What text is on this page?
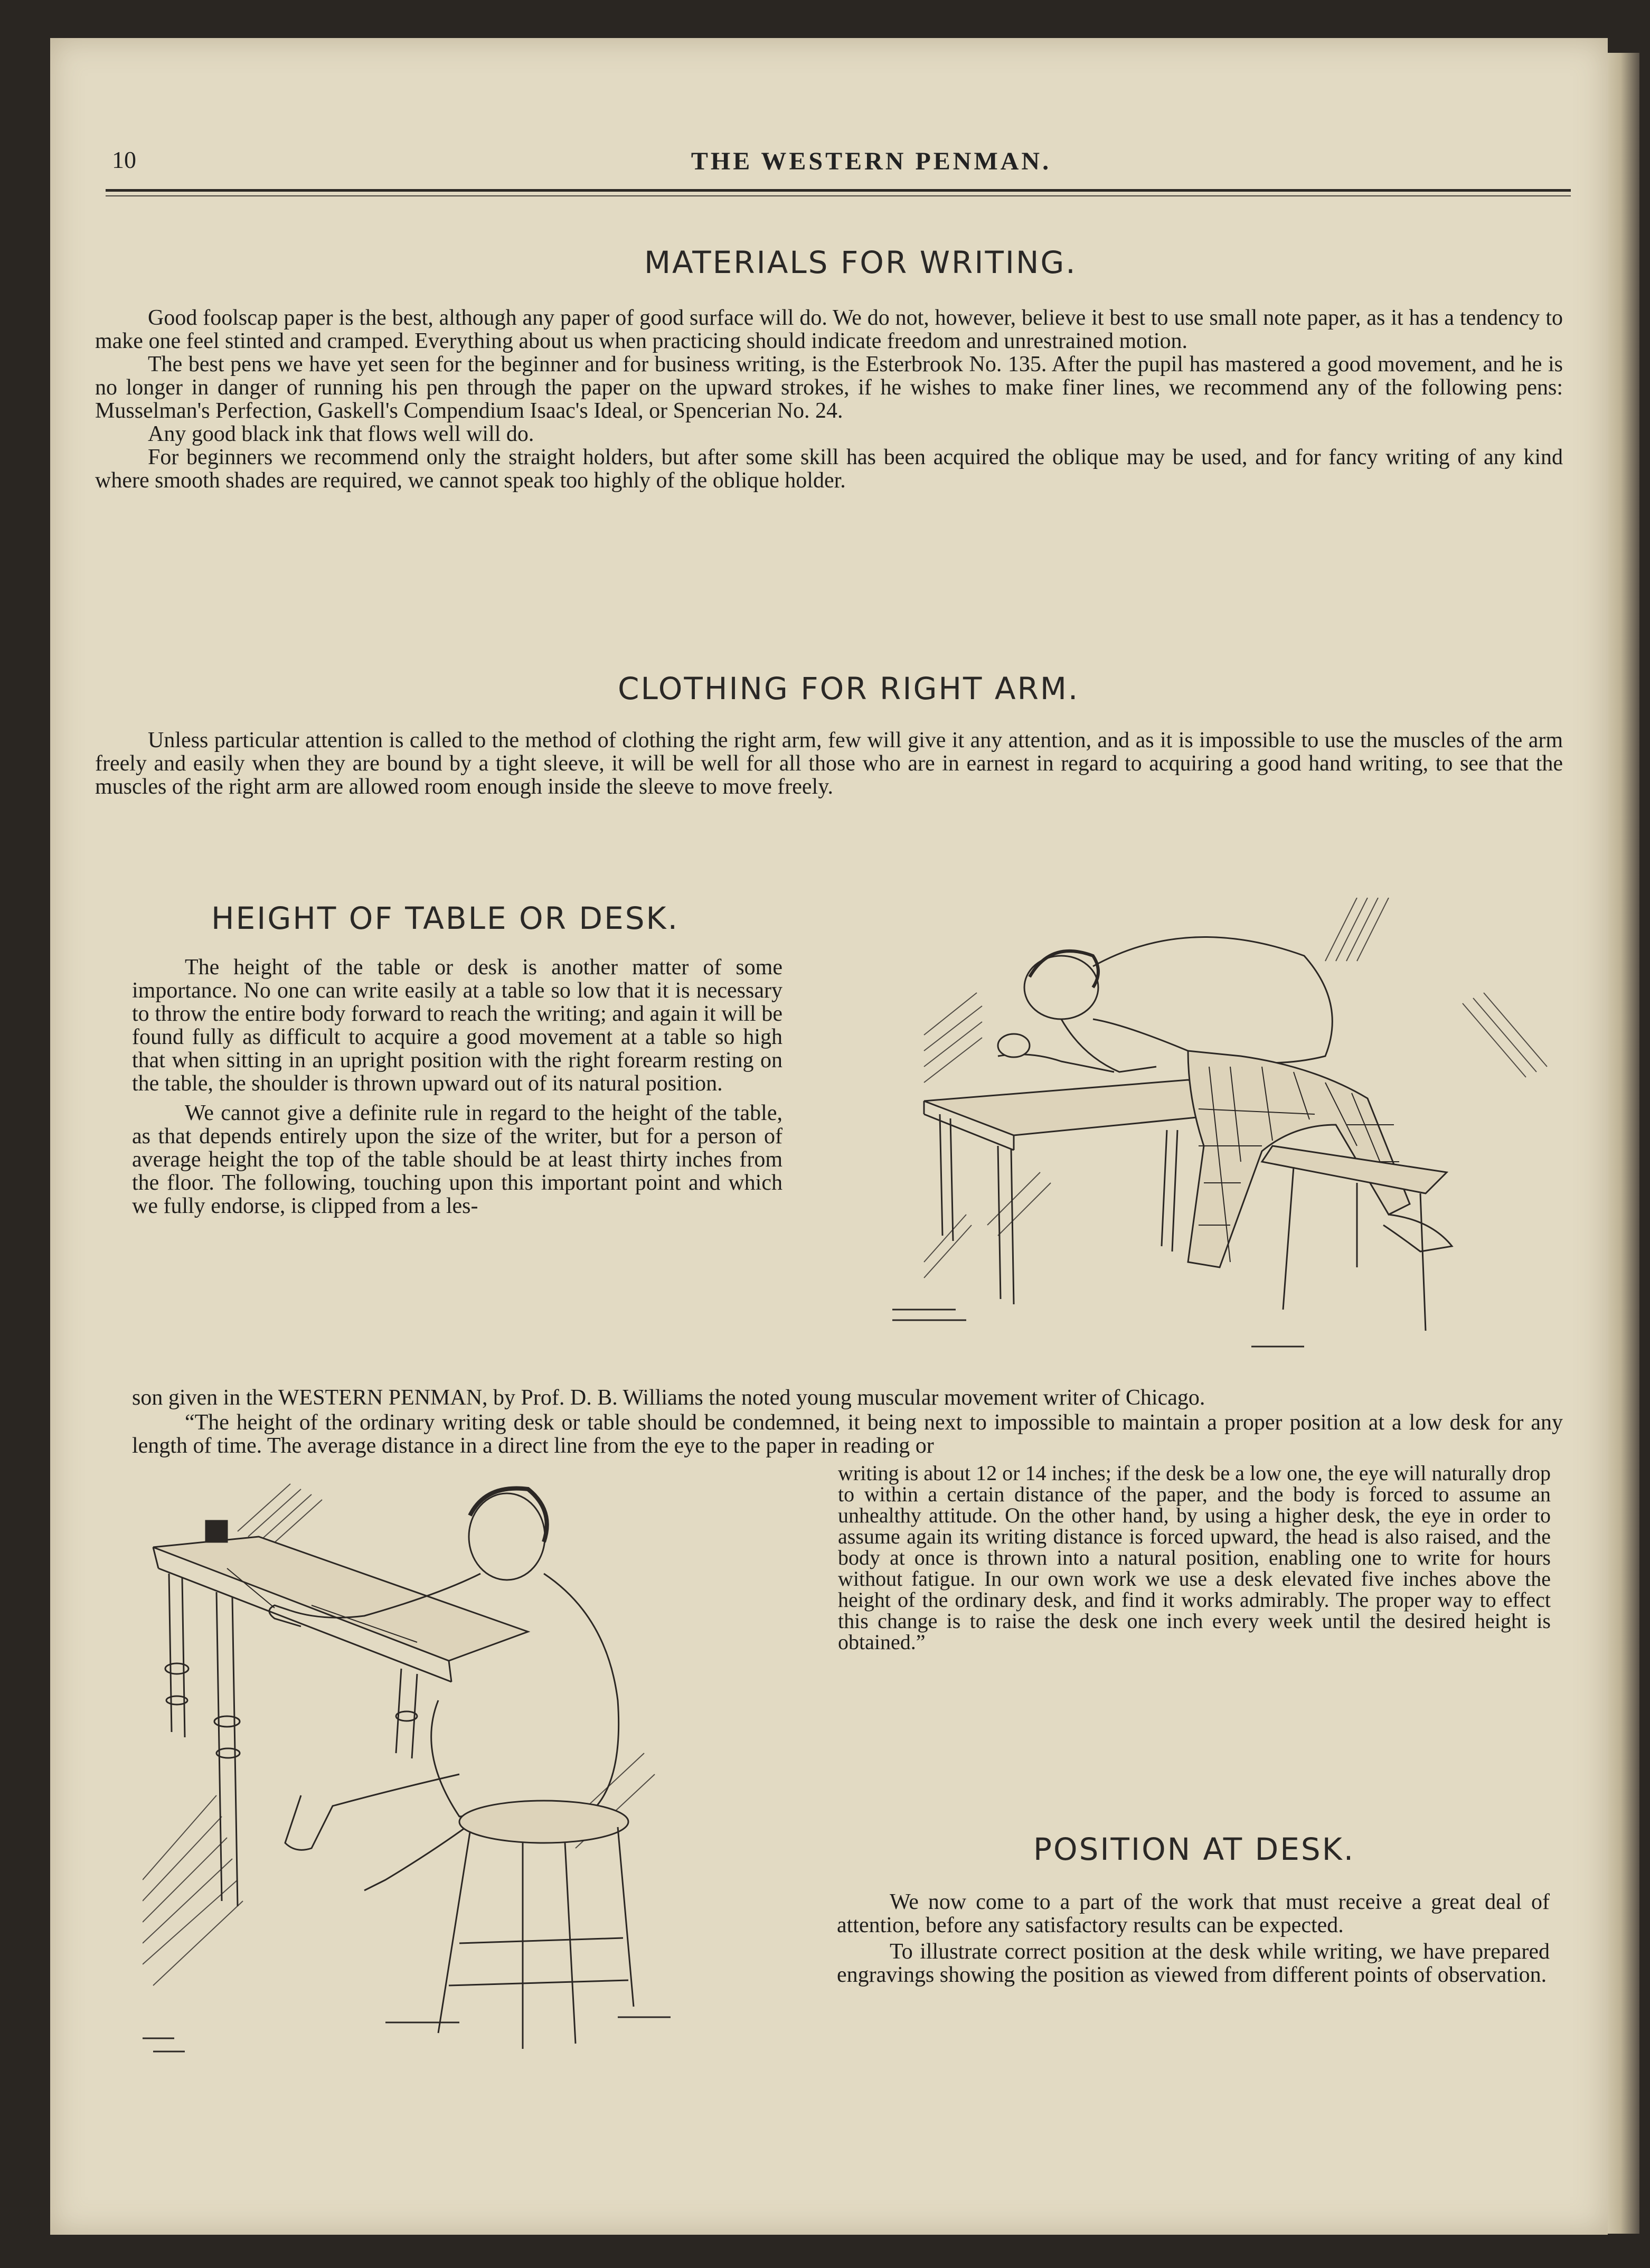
10	THE WESTERN PENMAN.
MATERIALS FOR WRITING.

Good foolscap paper is the best, although any paper of good surface will do. We do not, however, believe it best to use small note paper, as it has a tendency to make one feel stinted and cramped. Everything about us when practicing should indicate freedom and unrestrained motion.

The best pens we have yet seen for the beginner and for business writing, is the Esterbrook No. 135. After the pupil has mastered a good movement, and he is no longer in danger of running his pen through the paper on the upward strokes, if he wishes to make finer lines, we recommend any of the following pens: Musselman's Perfection, Gaskell's Compendium Isaac's Ideal, or Spencerian No. 24.

Any good black ink that flows well will do.

For beginners we recommend only the straight holders, but after some skill has been acquired the oblique may be used, and for fancy writing of any kind where smooth shades are required, we cannot speak too highly of the oblique holder.

CLOTHING FOR RIGHT ARM.

Unless particular attention is called to the method of clothing the right arm, few will give it any attention, and as it is impossible to use the muscles of the arm freely and easily when they are bound by a tight sleeve, it will be well for all those who are in earnest in regard to acquiring a good hand writing, to see that the muscles of the right arm are allowed room enough inside the sleeve to move freely.

HEIGHT OF TABLE OR DESK.

The height of the table or desk is another matter of some importance. No one can write easily at a table so low that it is necessary to throw the entire body forward to reach the writing; and again it will be found fully as difficult to acquire a good movement at a table so high that when sitting in an upright position with the right forearm resting on the table, the shoulder is thrown upward out of its natural position.

We cannot give a definite rule in regard to the height of the table, as that depends entirely upon the size of the writer, but for a person of average height the top of the table should be at least thirty inches from the floor. The following, touching upon this important point and which we fully endorse, is clipped from a les-

son given in the WESTERN PENMAN, by Prof. D. B. Williams the noted young muscular movement writer of Chicago.

“The height of the ordinary writing desk or table should be condemned, it being next to impossible to maintain a proper position at a low desk for any length of time. The average distance in a direct line from the eye to the paper in reading or

writing is about 12 or 14 inches; if the desk be a low one, the eye will naturally drop to within a certain distance of the paper, and the body is forced to assume an unhealthy attitude. On the other hand, by using a higher desk, the eye in order to assume again its writing distance is forced upward, the head is also raised, and the body at once is thrown into a natural position, enabling one to write for hours without fatigue. In our own work we use a desk elevated five inches above the height of the ordinary desk, and find it works admirably. The proper way to effect this change is to raise the desk one inch every week until the desired height is obtained.”

POSITION AT DESK.

We now come to a part of the work that must receive a great deal of attention, before any satisfactory results can be expected.

To illustrate correct position at the desk while writing, we have prepared engravings showing the position as viewed from different points of observation.
